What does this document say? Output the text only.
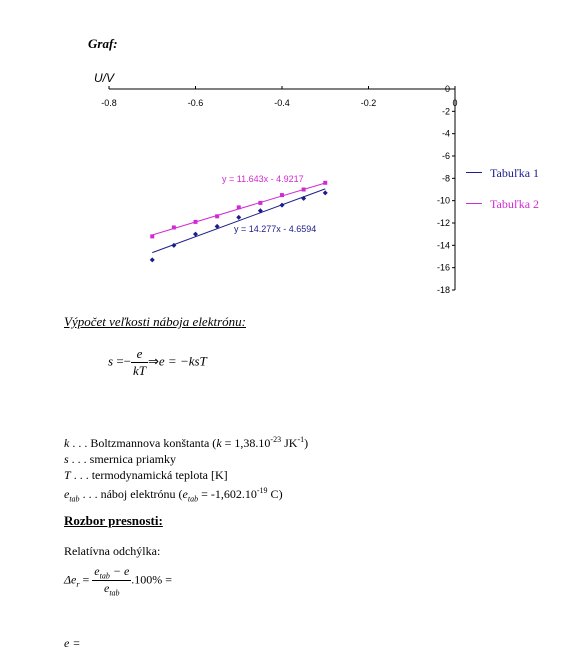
Graf:
U/V
-0.8	-0.6	-0.4	-0.2	0
0
-2
-4
-6
-8
-10
-12
-14
-16
-18
y = 11.643x - 4.9217
y = 14.277x - 4.6594
Tabuľka 1
Tabuľka 2
Výpočet veľkosti náboja elektrónu:
$s =- \frac{e}{kT}$ ⇒e = −ksT
k . . . Boltzmannova konštanta ($k = 1,38.10^{-23}$ $JK^{-1}$)
s . . . smernica priamky
T . . . termodynamická teplota [K]
$e_{tab}$ . . . náboj elektrónu ($e_{tab} = -1,602.10^{-19}$ C)
Rozbor presnosti:
Relatívna odchýlka:
$\Delta e_r = \frac{e_{tab} - e}{e_{tab}} .100\%$ =
e =
